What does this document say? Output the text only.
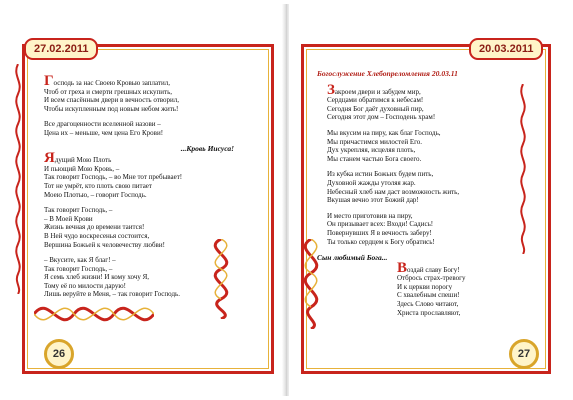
27.02.2011

Господь за нас Своею Кровью заплатил,

Чтоб от греха и смерти грешных искупить,

И всем спасённым двери в вечность отворил,

Чтобы искупленным под новым небом жить!

Все драгоценности вселенной назови –

Цена их – меньше, чем цена Его Крови!

...Кровь Иисуса!

Ядущий Мою Плоть

И пьющий Мою Кровь, –

Так говорит Господь, – во Мне тот пребывает!

Тот не умрёт, кто плоть свою питает

Моею Плотью, – говорит Господь.

Так говорит Господь, –

– В Моей Крови

Жизнь вечная до времени таится!

В Ней чудо воскресенья состоится,

Вершина Божьей к человечеству любви!

– Вкусите, как Я благ! –

Так говорит Господь, –

Я семь хлеб жизни! И кому хочу Я,

Тому её по милости дарую!

Лишь веруйте в Меня, – так говорит Господь.

26
20.03.2011

Богослужение Хлебопреломления 20.03.11

Закроем двери и забудем мир,

Сердцами обратимся к небесам!

Сегодня Бог даёт духовный пир,

Сегодня этот дом – Господень храм!

Мы вкусим на пиру, как благ Господь,

Мы причастимся милостей Его.

Дух укрепляя, исцеляя плоть,

Мы станем частью Бога своего.

Из кубка истин Божьих будем пить,

Духовной жажды утоляя жар.

Небесный хлеб нам даст возможность жить,

Вкушая вечно этот Божий дар!

И место приготовив на пиру,

Он призывает всех: Входи! Садись!

Повернувших Я в вечность заберу!

Ты только сердцем к Богу обратись!

Сын любимый Бога...

Воздай славу Богу!

Отбрось страх-тревогу

И к церкви порогу

С хвалебным спеши!

Здесь Слово читают,

Христа прославляют,

27
